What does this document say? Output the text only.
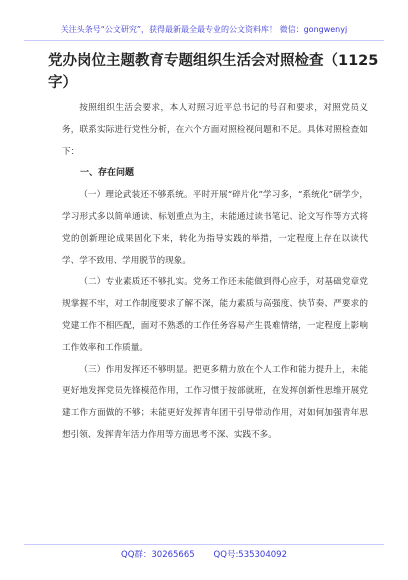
关注头条号“公文研究”，获得最新最全最专业的公文资料库！ 微信：gongwenyj
党办岗位主题教育专题组织生活会对照检查（1125字）

按照组织生活会要求，本人对照习近平总书记的号召和要求，对照党员义务，联系实际进行党性分析，在六个方面对照检视问题和不足。具体对照检查如下：

一、存在问题

（一）理论武装还不够系统。平时开展“碎片化”学习多，“系统化”研学少，学习形式多以简单通读、标划重点为主，未能通过读书笔记、论文写作等方式将党的创新理论成果固化下来，转化为指导实践的举措，一定程度上存在以读代学、学不致用、学用脱节的现象。

（二）专业素质还不够扎实。党务工作还未能做到得心应手，对基础党章党规掌握不牢，对工作制度要求了解不深，能力素质与高强度、快节奏、严要求的党建工作不相匹配，面对不熟悉的工作任务容易产生畏难情绪，一定程度上影响工作效率和工作质量。

（三）作用发挥还不够明显。把更多精力放在个人工作和能力提升上，未能更好地发挥党员先锋模范作用，工作习惯于按部就班，在发挥创新性思维开展党建工作方面做的不够；未能更好发挥青年团干引导带动作用，对如何加强青年思想引领、发挥青年活力作用等方面思考不深、实践不多。

QQ群：30265665       QQ号:535304092
